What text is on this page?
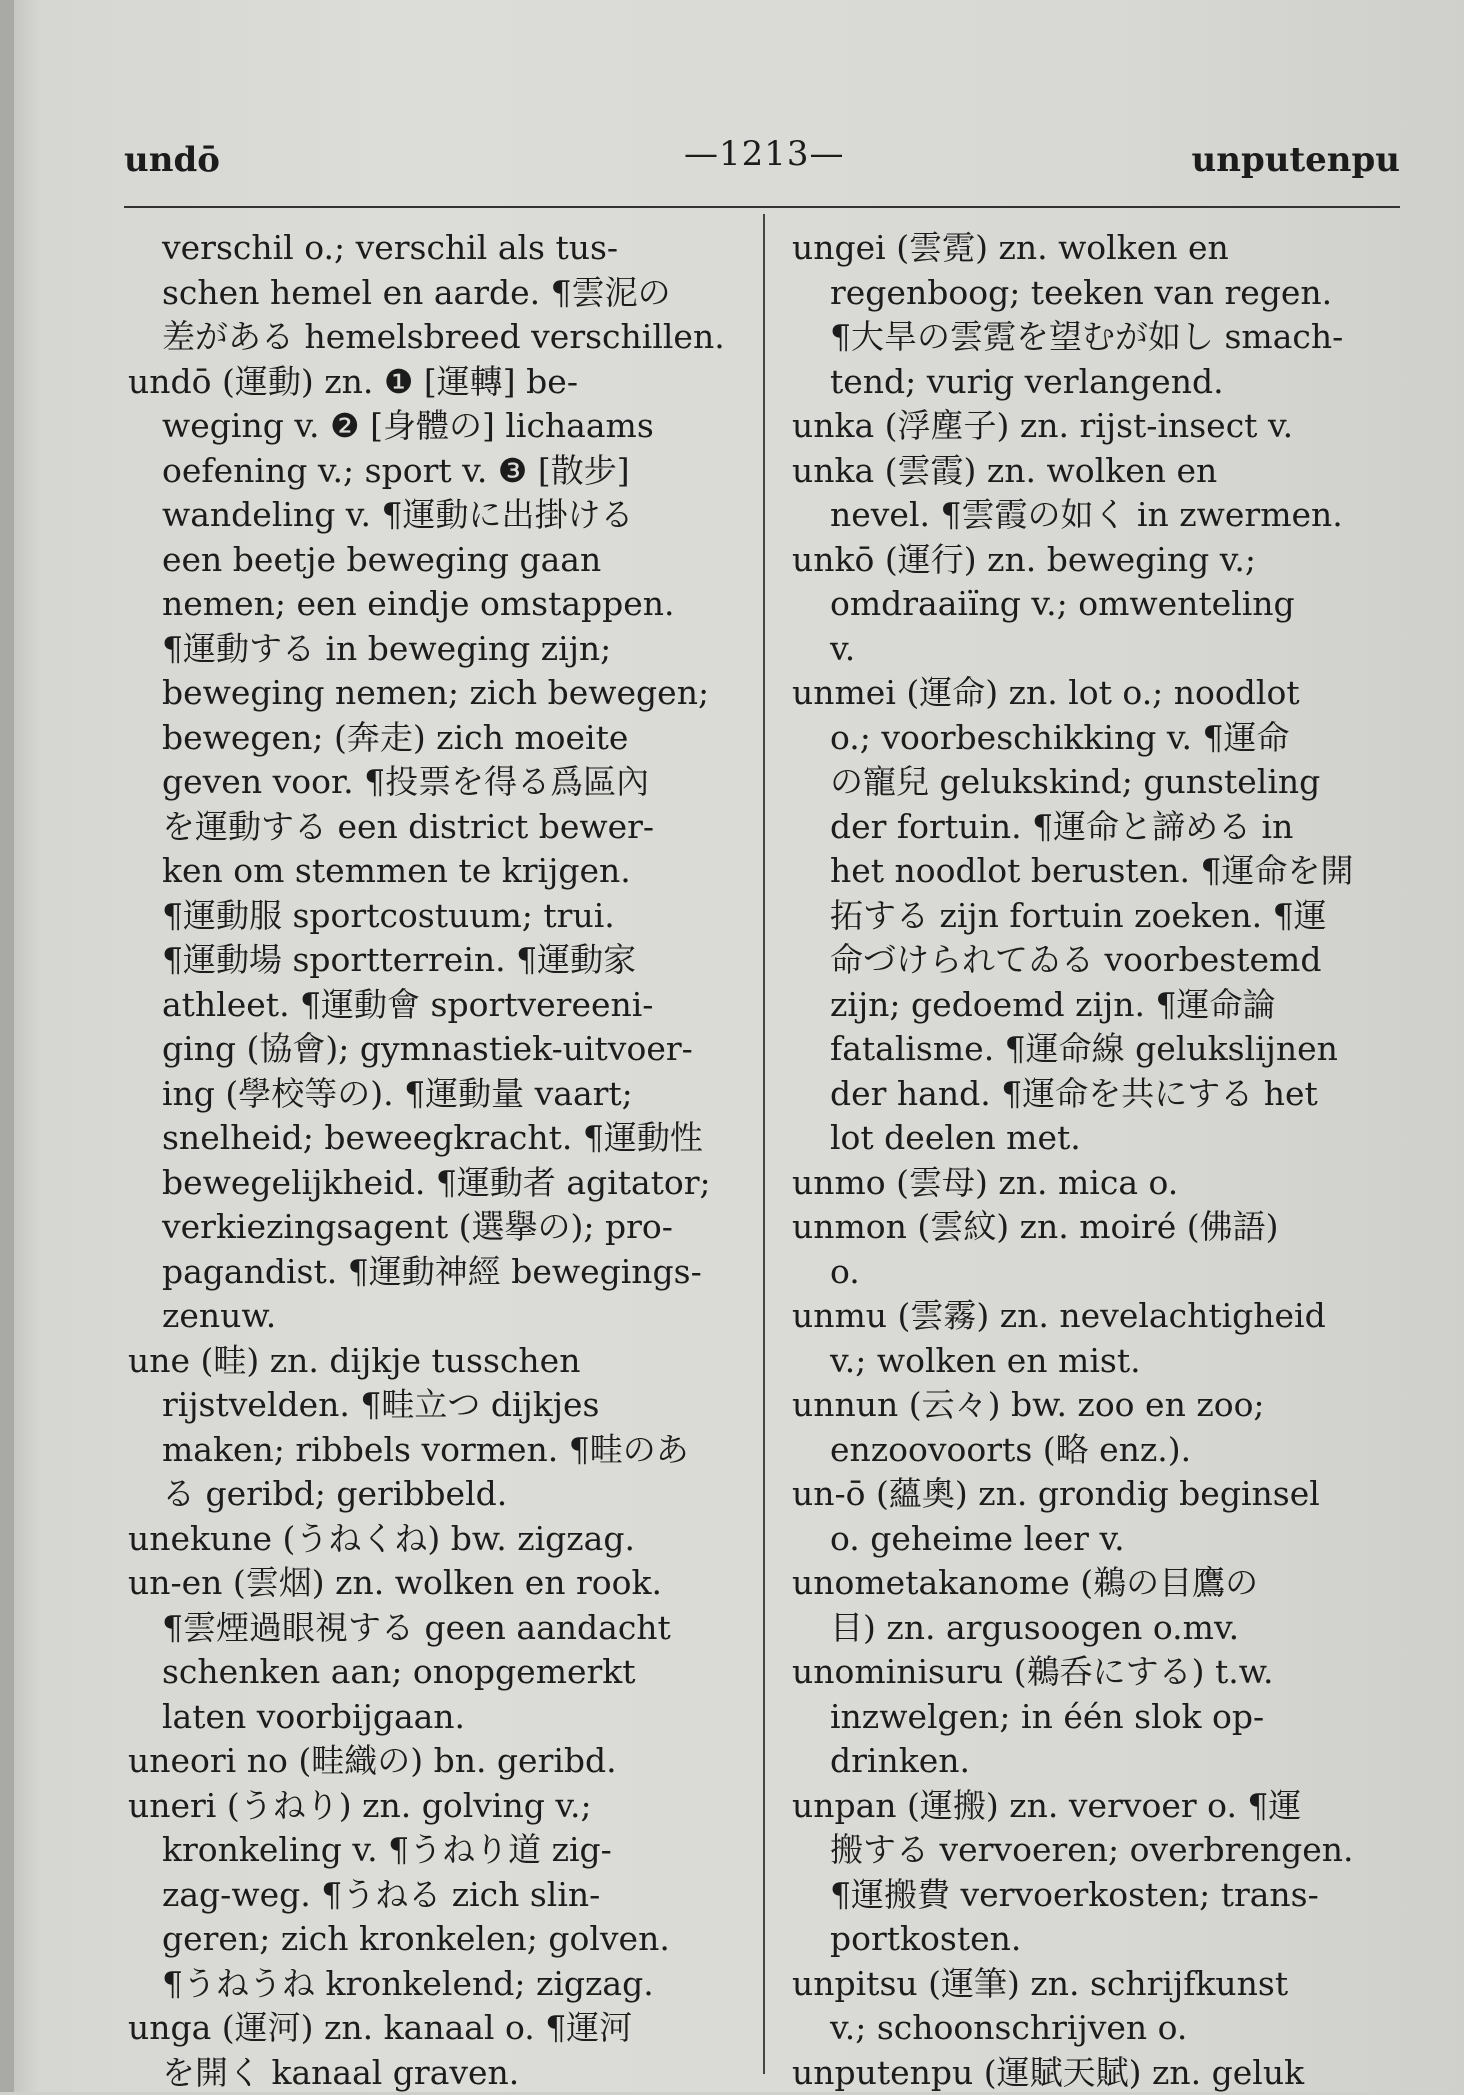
undō	—1213—	unputenpu
verschil o.; verschil als tus-
schen hemel en aarde. ¶雲泥の
差がある hemelsbreed verschillen.
undō (運動) zn. ❶ [運轉] be-
weging v. ❷ [身體の] lichaams
oefening v.; sport v. ❸ [散步]
wandeling v. ¶運動に出掛ける
een beetje beweging gaan
nemen; een eindje omstappen.
¶運動する in beweging zijn;
beweging nemen; zich bewegen;
bewegen; (奔走) zich moeite
geven voor. ¶投票を得る爲區內
を運動する een district bewer-
ken om stemmen te krijgen.
¶運動服 sportcostuum; trui.
¶運動場 sportterrein. ¶運動家
athleet. ¶運動會 sportvereeni-
ging (協會); gymnastiek-uitvoer-
ing (學校等の). ¶運動量 vaart;
snelheid; beweegkracht. ¶運動性
bewegelijkheid. ¶運動者 agitator;
verkiezingsagent (選擧の); pro-
pagandist. ¶運動神經 bewegings-
zenuw.
une (畦) zn. dijkje tusschen
rijstvelden. ¶畦立つ dijkjes
maken; ribbels vormen. ¶畦のあ
る geribd; geribbeld.
unekune (うねくね) bw. zigzag.
un-en (雲烟) zn. wolken en rook.
¶雲煙過眼視する geen aandacht
schenken aan; onopgemerkt
laten voorbijgaan.
uneori no (畦織の) bn. geribd.
uneri (うねり) zn. golving v.;
kronkeling v. ¶うねり道 zig-
zag-weg. ¶うねる zich slin-
geren; zich kronkelen; golven.
¶うねうね kronkelend; zigzag.
unga (運河) zn. kanaal o. ¶運河
を開く kanaal graven.
ungei (雲霓) zn. wolken en
regenboog; teeken van regen.
¶大旱の雲霓を望むが如し smach-
tend; vurig verlangend.
unka (浮塵子) zn. rijst-insect v.
unka (雲霞) zn. wolken en
nevel. ¶雲霞の如く in zwermen.
unkō (運行) zn. beweging v.;
omdraaiïng v.; omwenteling
v.
unmei (運命) zn. lot o.; noodlot
o.; voorbeschikking v. ¶運命
の寵兒 gelukskind; gunsteling
der fortuin. ¶運命と諦める in
het noodlot berusten. ¶運命を開
拓する zijn fortuin zoeken. ¶運
命づけられてゐる voorbestemd
zijn; gedoemd zijn. ¶運命論
fatalisme. ¶運命線 gelukslijnen
der hand. ¶運命を共にする het
lot deelen met.
unmo (雲母) zn. mica o.
unmon (雲紋) zn. moiré (佛語)
o.
unmu (雲霧) zn. nevelachtigheid
v.; wolken en mist.
unnun (云々) bw. zoo en zoo;
enzoovoorts (略 enz.).
un-ō (蘊奧) zn. grondig beginsel
o. geheime leer v.
unometakanome (鵜の目鷹の
目) zn. argusoogen o.mv.
unominisuru (鵜呑にする) t.w.
inzwelgen; in één slok op-
drinken.
unpan (運搬) zn. vervoer o. ¶運
搬する vervoeren; overbrengen.
¶運搬費 vervoerkosten; trans-
portkosten.
unpitsu (運筆) zn. schrijfkunst
v.; schoonschrijven o.
unputenpu (運賦天賦) zn. geluk
